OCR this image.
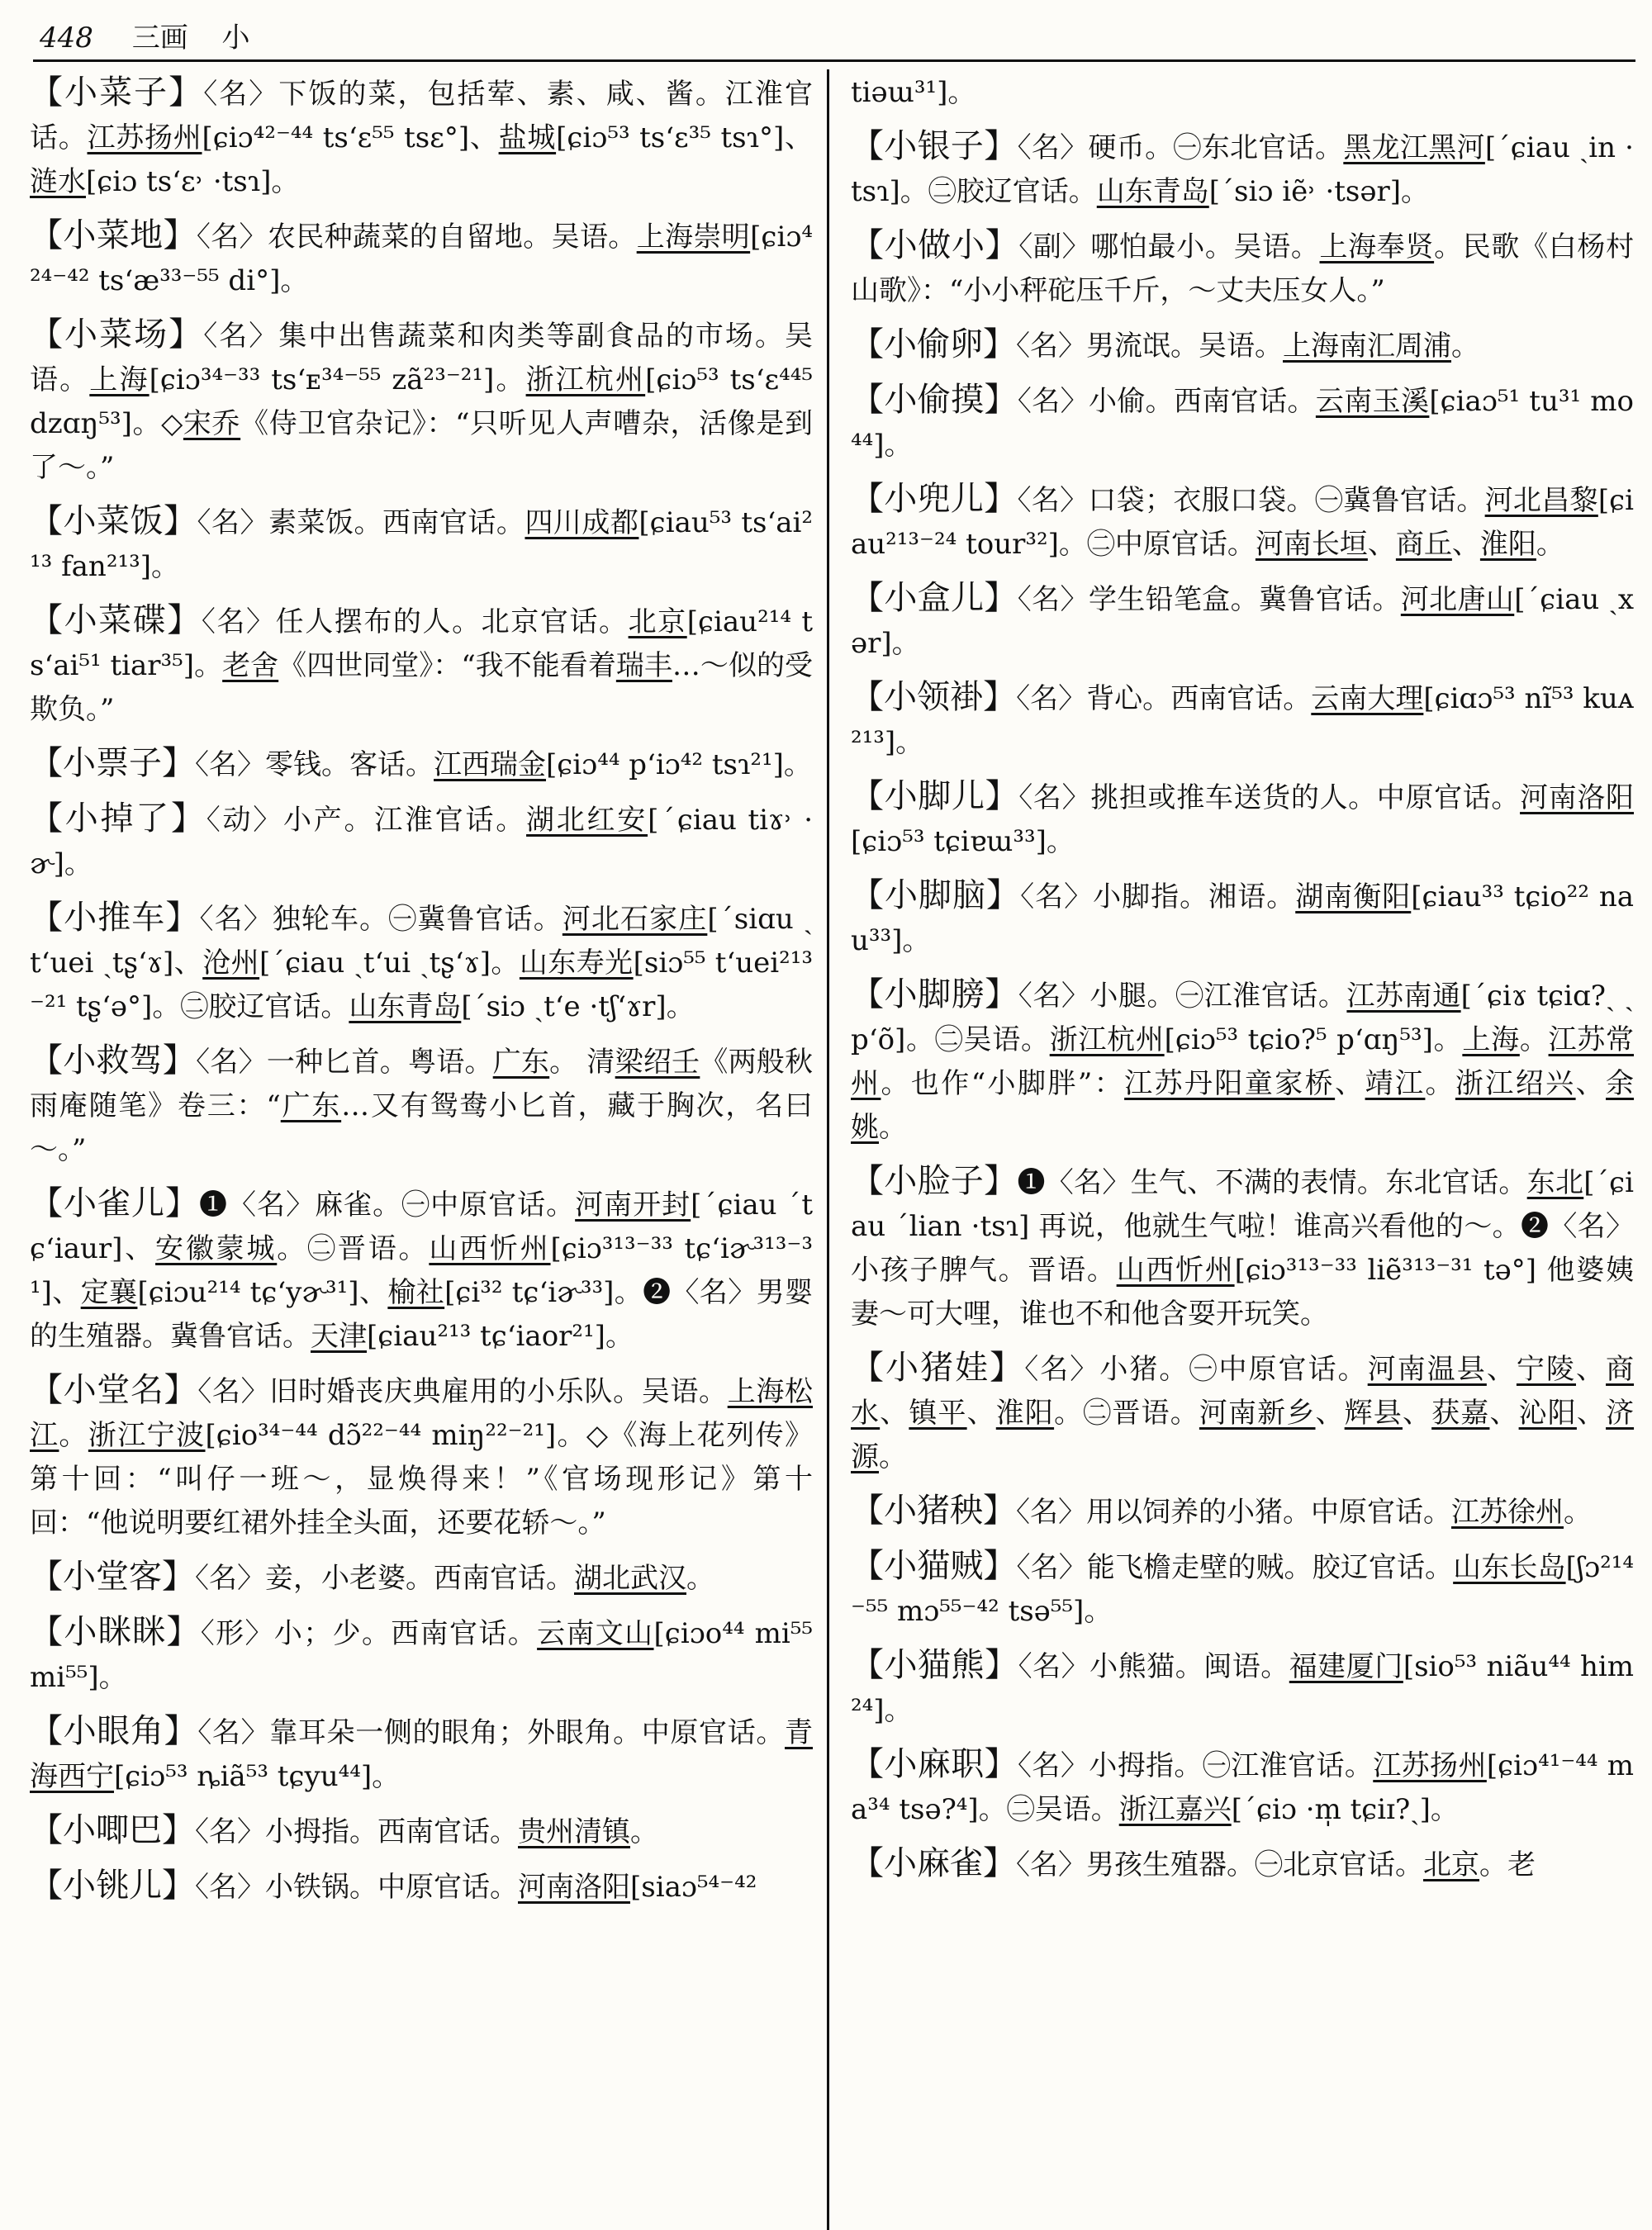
448 三画 小

【小菜子】〈名〉下饭的菜，包括荤、素、咸、酱。江淮官话。江苏扬州[ɕiɔ⁴²⁻⁴⁴ ts‘ɛ⁵⁵ tsɛ°]、盐城[ɕiɔ⁵³ ts‘ɛ³⁵ tsɿ°]、涟水[ɕiɔ ts‘ɛ˒ ·tsɿ]。

【小菜地】〈名〉农民种蔬菜的自留地。吴语。上海崇明[ɕiɔ⁴²⁴⁻⁴² ts‘æ³³⁻⁵⁵ di°]。

【小菜场】〈名〉集中出售蔬菜和肉类等副食品的市场。吴语。上海[ɕiɔ³⁴⁻³³ ts‘ᴇ³⁴⁻⁵⁵ zã²³⁻²¹]。浙江杭州[ɕiɔ⁵³ ts‘ɛ⁴⁴⁵ dzɑŋ⁵³]。◇宋乔《侍卫官杂记》：“只听见人声嘈杂，活像是到了～。”

【小菜饭】〈名〉素菜饭。西南官话。四川成都[ɕiau⁵³ ts‘ai²¹³ fan²¹³]。

【小菜碟】〈名〉任人摆布的人。北京官话。北京[ɕiau²¹⁴ ts‘ai⁵¹ tiar³⁵]。老舍《四世同堂》：“我不能看着瑞丰…～似的受欺负。”

【小票子】〈名〉零钱。客话。江西瑞金[ɕiɔ⁴⁴ p‘iɔ⁴² tsɿ²¹]。

【小掉了】〈动〉小产。江淮官话。湖北红安[ˊɕiau tiɤ˒ ·ɚ]。

【小推车】〈名〉独轮车。㊀冀鲁官话。河北石家庄[ˊsiɑu ˏt‘uei ˏtʂ‘ɤ]、沧州[ˊɕiau ˏt‘ui ˏtʂ‘ɤ]。山东寿光[siɔ⁵⁵ t‘uei²¹³⁻²¹ tʂ‘ə°]。㊁胶辽官话。山东青岛[ˊsiɔ ˏt‘e ·tʃ‘ɤr]。

【小救驾】〈名〉一种匕首。粤语。广东。 清梁绍壬《两般秋雨庵随笔》卷三：“广东…又有鸳鸯小匕首，藏于胸次，名曰～。”

【小雀儿】❶〈名〉麻雀。㊀中原官话。河南开封[ˊɕiau ˊtɕ‘iaur]、安徽蒙城。㊁晋语。山西忻州[ɕiɔ³¹³⁻³³ tɕ‘iɚ³¹³⁻³¹]、定襄[ɕiɔu²¹⁴ tɕ‘yɚ³¹]、榆社[ɕi³² tɕ‘iɚ³³]。❷〈名〉男婴的生殖器。冀鲁官话。天津[ɕiau²¹³ tɕ‘iaor²¹]。

【小堂名】〈名〉旧时婚丧庆典雇用的小乐队。吴语。上海松江。浙江宁波[ɕio³⁴⁻⁴⁴ dɔ̃²²⁻⁴⁴ miŋ²²⁻²¹]。◇《海上花列传》第十回：“叫仔一班～，显焕得来！”《官场现形记》第十回：“他说明要红裙外挂全头面，还要花轿～。”

【小堂客】〈名〉妾，小老婆。西南官话。湖北武汉。

【小眯眯】〈形〉小；少。西南官话。云南文山[ɕiɔo⁴⁴ mi⁵⁵ mi⁵⁵]。

【小眼角】〈名〉靠耳朵一侧的眼角；外眼角。中原官话。青海西宁[ɕiɔ⁵³ ȵiã⁵³ tɕyu⁴⁴]。

【小唧巴】〈名〉小拇指。西南官话。贵州清镇。

【小铫儿】〈名〉小铁锅。中原官话。河南洛阳[siaɔ⁵⁴⁻⁴²

tiəɯ³¹]。

【小银子】〈名〉硬币。㊀东北官话。黑龙江黑河[ˊɕiau ˏin ·tsɿ]。㊁胶辽官话。山东青岛[ˊsiɔ iẽ˒ ·tsər]。

【小做小】〈副〉哪怕最小。吴语。上海奉贤。民歌《白杨村山歌》：“小小秤砣压千斤，～丈夫压女人。”

【小偷卵】〈名〉男流氓。吴语。上海南汇周浦。

【小偷摸】〈名〉小偷。西南官话。云南玉溪[ɕiaɔ⁵¹ tu³¹ mo⁴⁴]。

【小兜儿】〈名〉口袋；衣服口袋。㊀冀鲁官话。河北昌黎[ɕiau²¹³⁻²⁴ tour³²]。㊁中原官话。河南长垣、商丘、淮阳。

【小盒儿】〈名〉学生铅笔盒。冀鲁官话。河北唐山[ˊɕiau ˏxər]。

【小领褂】〈名〉背心。西南官话。云南大理[ɕiɑɔ⁵³ nĩ⁵³ kuᴀ²¹³]。

【小脚儿】〈名〉挑担或推车送货的人。中原官话。河南洛阳[ɕiɔ⁵³ tɕiɐɯ³³]。

【小脚脑】〈名〉小脚指。湘语。湖南衡阳[ɕiau³³ tɕio²² nau³³]。

【小脚膀】〈名〉小腿。㊀江淮官话。江苏南通[ˊɕiɤ tɕiɑ?ˏ ˏp‘õ]。㊁吴语。浙江杭州[ɕiɔ⁵³ tɕio?⁵ p‘ɑŋ⁵³]。上海。江苏常州。也作“小脚胖”：江苏丹阳童家桥、靖江。浙江绍兴、余姚。

【小脸子】❶〈名〉生气、不满的表情。东北官话。东北[ˊɕiau ˊlian ·tsɿ] 再说，他就生气啦！谁高兴看他的～。❷〈名〉小孩子脾气。晋语。山西忻州[ɕiɔ³¹³⁻³³ liẽ³¹³⁻³¹ tə°] 他婆姨妻～可大哩，谁也不和他含耍开玩笑。

【小猪娃】〈名〉小猪。㊀中原官话。河南温县、宁陵、商水、镇平、淮阳。㊁晋语。河南新乡、辉县、获嘉、沁阳、济源。

【小猪秧】〈名〉用以饲养的小猪。中原官话。江苏徐州。

【小猫贼】〈名〉能飞檐走壁的贼。胶辽官话。山东长岛[ʃɔ²¹⁴⁻⁵⁵ mɔ⁵⁵⁻⁴² tsə⁵⁵]。

【小猫熊】〈名〉小熊猫。闽语。福建厦门[sio⁵³ niãu⁴⁴ him²⁴]。

【小麻职】〈名〉小拇指。㊀江淮官话。江苏扬州[ɕiɔ⁴¹⁻⁴⁴ ma³⁴ tsə?⁴]。㊁吴语。浙江嘉兴[ˊɕiɔ ·m̩ tɕiɪ?ˏ]。

【小麻雀】〈名〉男孩生殖器。㊀北京官话。北京。老
